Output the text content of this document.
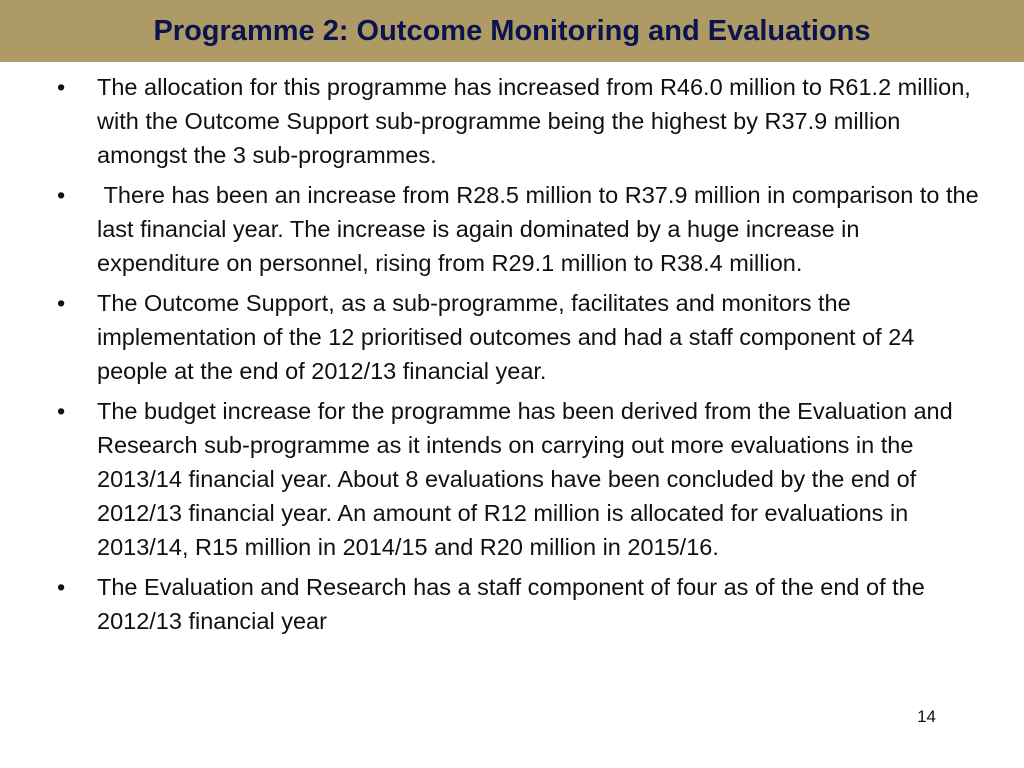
Programme 2: Outcome Monitoring and Evaluations
•	The allocation for this programme has increased from R46.0 million to R61.2 million, with the Outcome Support sub-programme being the highest by R37.9 million amongst the 3 sub-programmes.
•	There has been an increase from R28.5 million to R37.9 million in comparison to the last financial year. The increase is again dominated by a huge increase in expenditure on personnel, rising from R29.1 million to R38.4 million.
•	The Outcome Support, as a sub-programme, facilitates and monitors the implementation of the 12 prioritised outcomes and had a staff component of 24 people at the end of 2012/13 financial year.
•	The budget increase for the programme has been derived from the Evaluation and Research sub-programme as it intends on carrying out more evaluations in the 2013/14 financial year. About 8 evaluations have been concluded by the end of 2012/13 financial year. An amount of R12 million is allocated for evaluations in 2013/14, R15 million in 2014/15 and R20 million in 2015/16.
•	The Evaluation and Research has a staff component of four as of the end of the 2012/13 financial year
14
